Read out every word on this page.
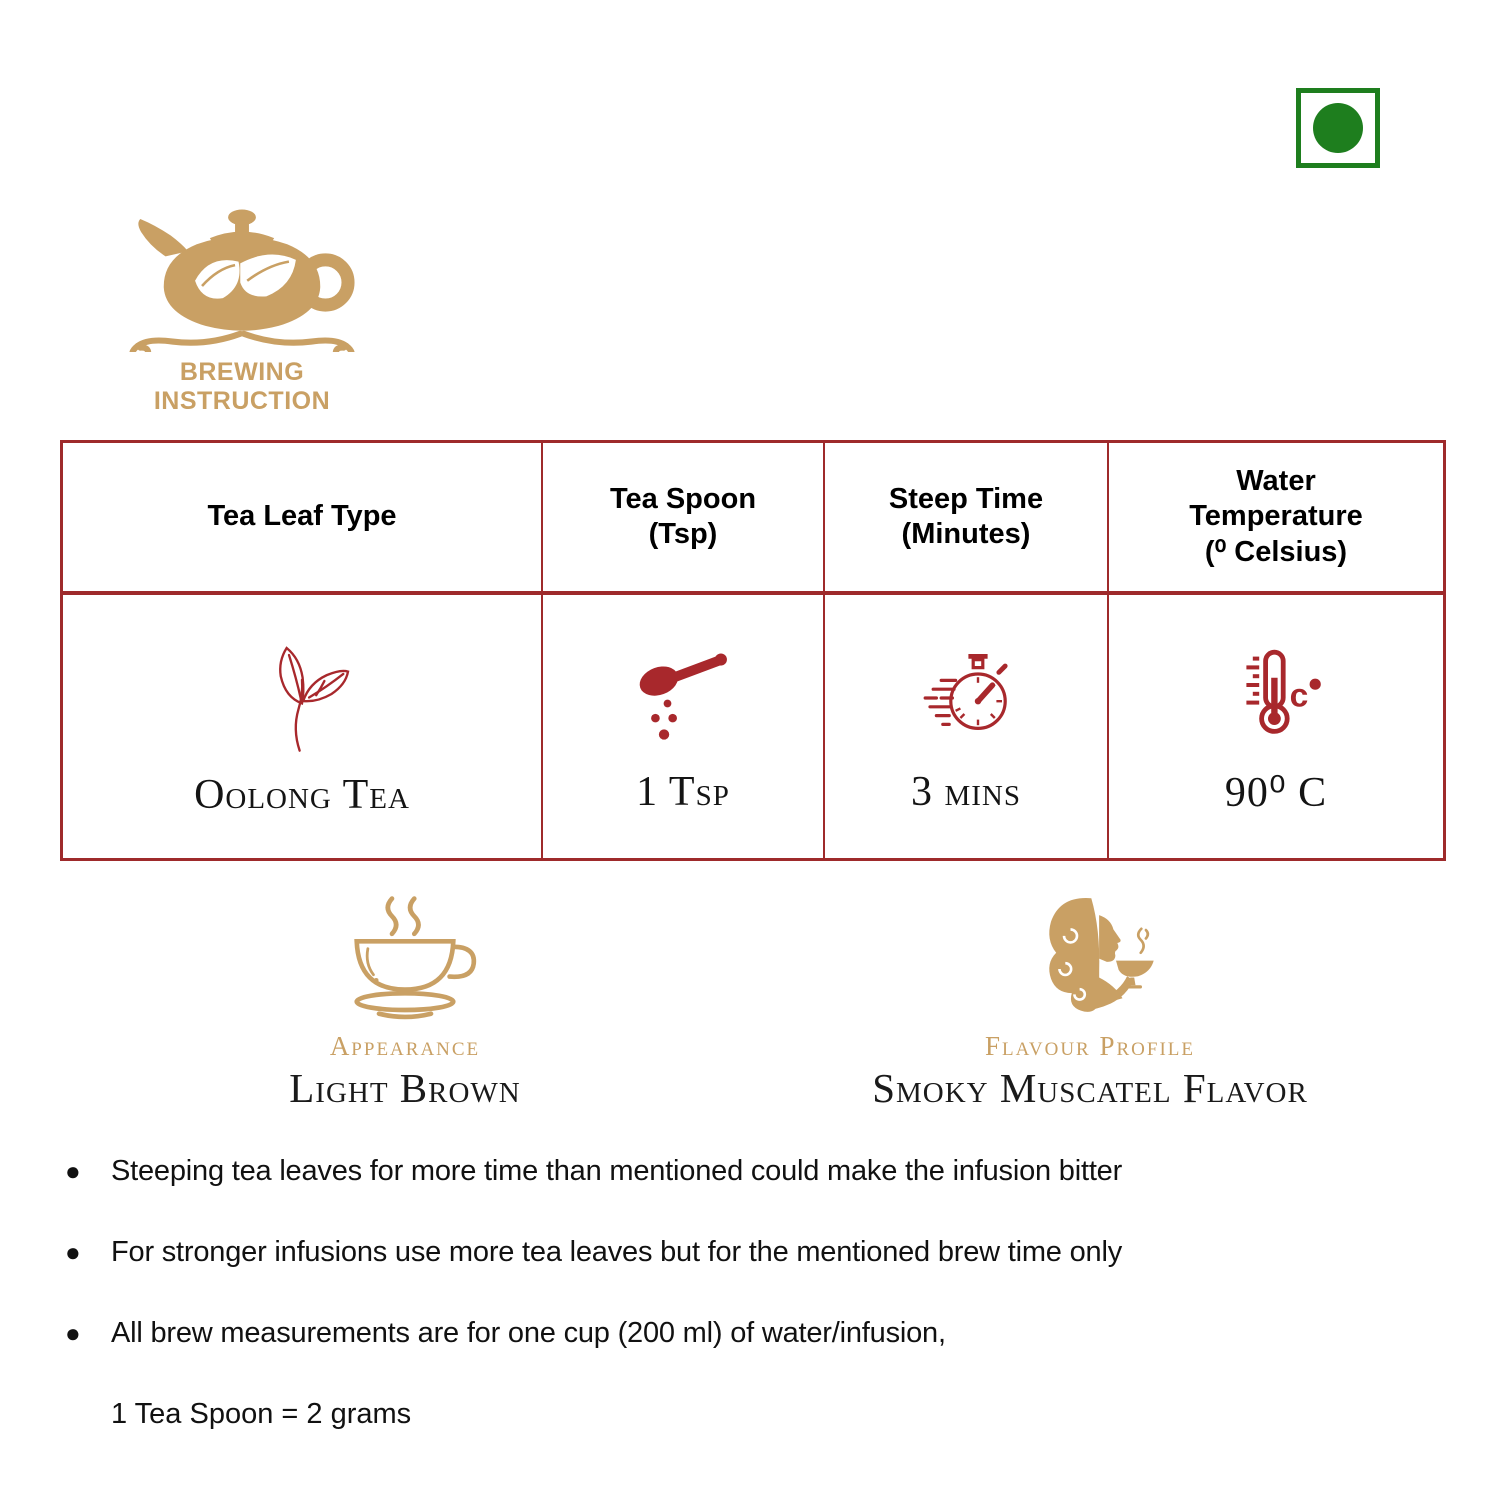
BREWING INSTRUCTION
Tea Leaf Type
Tea Spoon
(Tsp)
Steep Time
(Minutes)
Water
Temperature
(⁰ Celsius)
Oolong Tea	1 Tsp	3 mins
c
90⁰ C
Appearance
Light Brown
Flavour Profile
Smoky Muscatel Flavor
● Steeping tea leaves for more time than mentioned could make the infusion bitter
● For stronger infusions use more tea leaves but for the mentioned brew time only
● All brew measurements are for one cup (200 ml) of water/infusion,
1 Tea Spoon = 2 grams
